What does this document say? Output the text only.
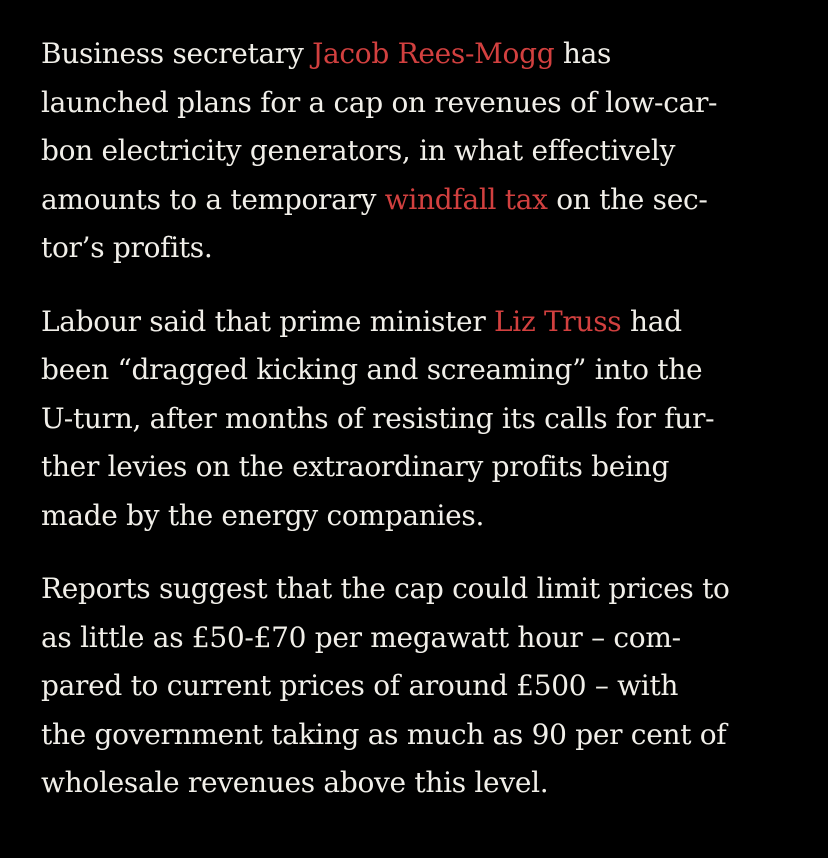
Business secretary Jacob Rees-Mogg has
launched plans for a cap on revenues of low-car-
bon electricity generators, in what effectively
amounts to a temporary windfall tax on the sec-
tor’s profits.

Labour said that prime minister Liz Truss had
been “dragged kicking and screaming” into the
U-turn, after months of resisting its calls for fur-
ther levies on the extraordinary profits being
made by the energy companies.

Reports suggest that the cap could limit prices to
as little as £50-£70 per megawatt hour – com-
pared to current prices of around £500 – with
the government taking as much as 90 per cent of
wholesale revenues above this level.
